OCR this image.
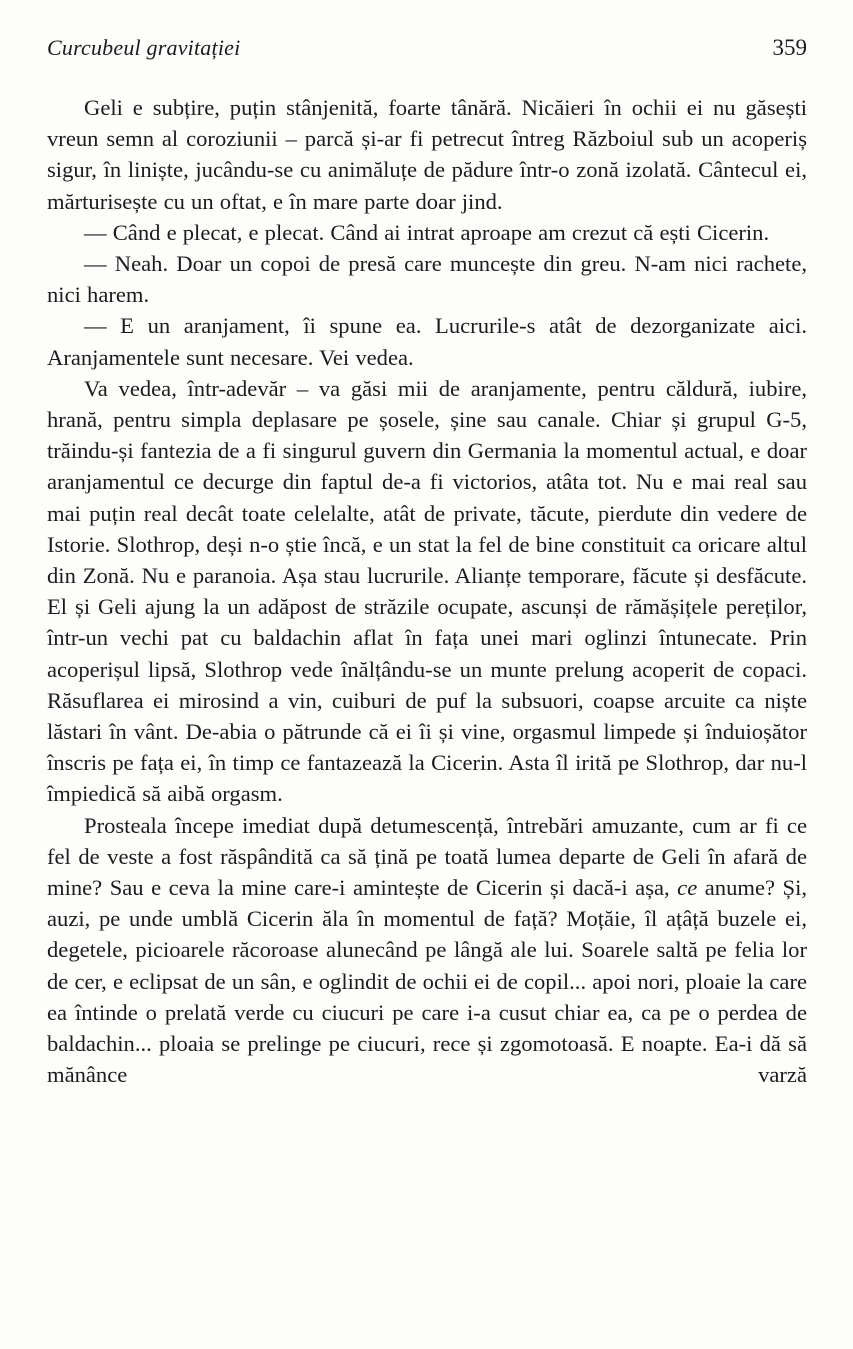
Curcubeul gravitației	359

Geli e subțire, puțin stânjenită, foarte tânără. Nicăieri în ochii ei nu găsești vreun semn al coroziunii – parcă și-ar fi petrecut întreg Războiul sub un acoperiș sigur, în liniște, jucându-se cu animăluțe de pădure într-o zonă izolată. Cântecul ei, mărturisește cu un oftat, e în mare parte doar jind.

— Când e plecat, e plecat. Când ai intrat aproape am crezut că ești Cicerin.

— Neah. Doar un copoi de presă care muncește din greu. N-am nici rachete, nici harem.

— E un aranjament, îi spune ea. Lucrurile-s atât de dezorganizate aici. Aranjamentele sunt necesare. Vei vedea.

Va vedea, într-adevăr – va găsi mii de aranjamente, pentru căldură, iubire, hrană, pentru simpla deplasare pe șosele, șine sau canale. Chiar și grupul G-5, trăindu-și fantezia de a fi singurul guvern din Germania la momentul actual, e doar aranjamentul ce decurge din faptul de-a fi victorios, atâta tot. Nu e mai real sau mai puțin real decât toate celelalte, atât de private, tăcute, pierdute din vedere de Istorie. Slothrop, deși n-o știe încă, e un stat la fel de bine constituit ca oricare altul din Zonă. Nu e paranoia. Așa stau lucrurile. Alianțe temporare, făcute și desfăcute. El și Geli ajung la un adăpost de străzile ocupate, ascunși de rămășițele pereților, într-un vechi pat cu baldachin aflat în fața unei mari oglinzi întunecate. Prin acoperișul lipsă, Slothrop vede înălțându-se un munte prelung acoperit de copaci. Răsuflarea ei mirosind a vin, cuiburi de puf la subsuori, coapse arcuite ca niște lăstari în vânt. De-abia o pătrunde că ei îi și vine, orgasmul limpede și înduioșător înscris pe fața ei, în timp ce fantazează la Cicerin. Asta îl irită pe Slothrop, dar nu-l împiedică să aibă orgasm.

Prosteala începe imediat după detumescență, întrebări amuzante, cum ar fi ce fel de veste a fost răspândită ca să țină pe toată lumea departe de Geli în afară de mine? Sau e ceva la mine care-i amintește de Cicerin și dacă-i așa, ce anume? Și, auzi, pe unde umblă Cicerin ăla în momentul de față? Moțăie, îl ațâță buzele ei, degetele, picioarele răcoroase alunecând pe lângă ale lui. Soarele saltă pe felia lor de cer, e eclipsat de un sân, e oglindit de ochii ei de copil... apoi nori, ploaie la care ea întinde o prelată verde cu ciucuri pe care i-a cusut chiar ea, ca pe o perdea de baldachin... ploaia se prelinge pe ciucuri, rece și zgomotoasă. E noapte. Ea-i dă să mănânce varză
